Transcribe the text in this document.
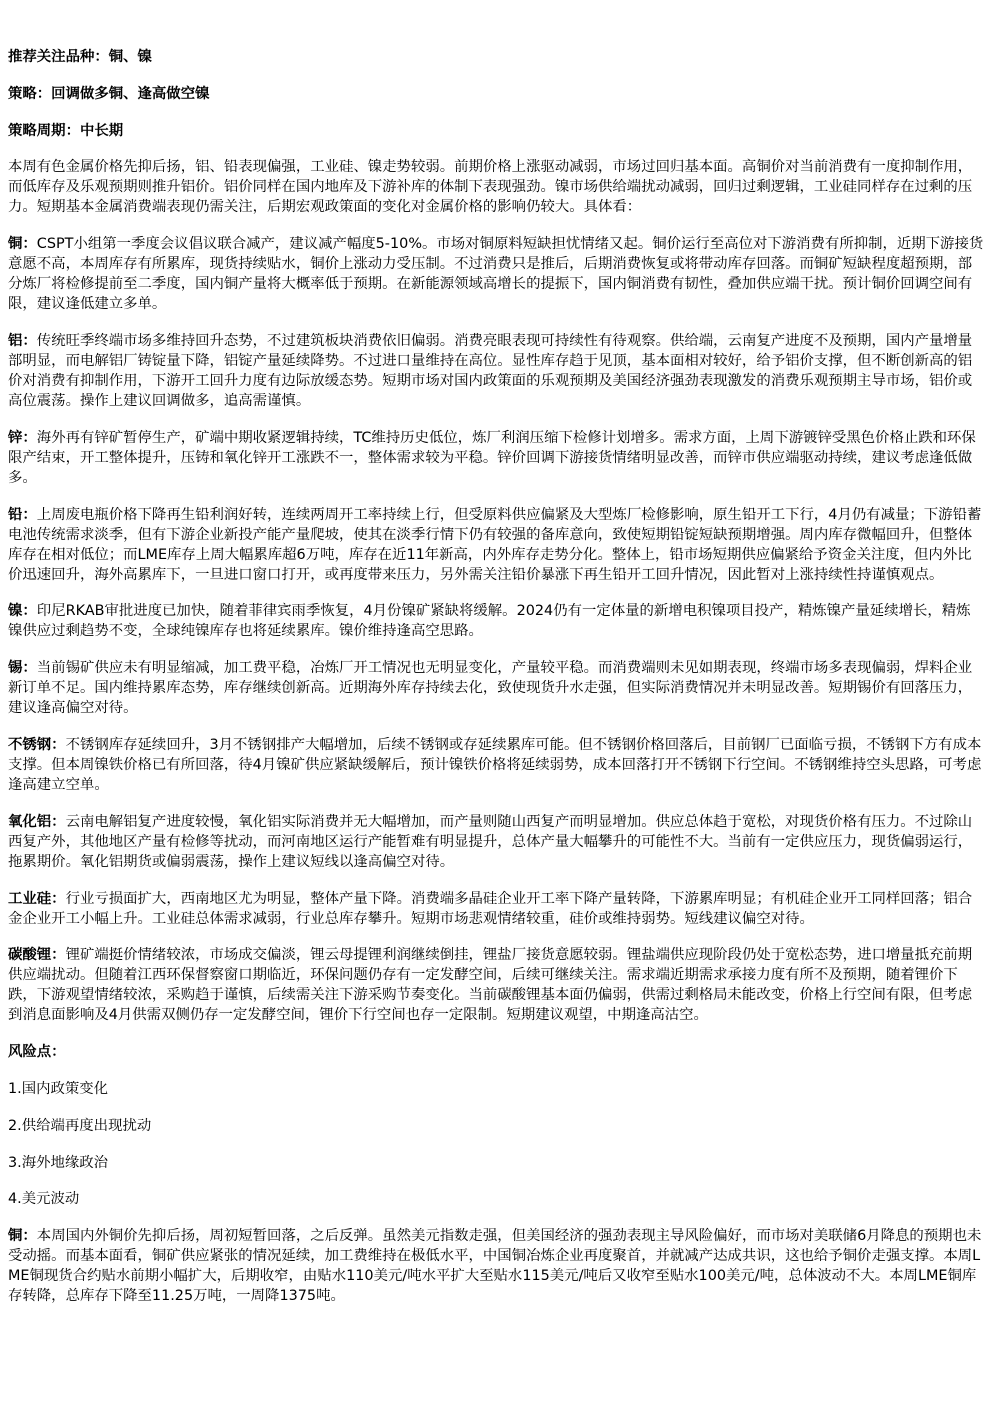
推荐关注品种：铜、镍

策略：回调做多铜、逢高做空镍

策略周期：中长期

本周有色金属价格先抑后扬，铝、铅表现偏强，工业硅、镍走势较弱。前期价格上涨驱动减弱，市场过回归基本面。高铜价对当前消费有一度抑制作用，而低库存及乐观预期则推升铝价。铝价同样在国内地库及下游补库的体制下表现强劲。镍市场供给端扰动减弱，回归过剩逻辑，工业硅同样存在过剩的压力。短期基本金属消费端表现仍需关注，后期宏观政策面的变化对金属价格的影响仍较大。具体看：

铜：CSPT小组第一季度会议倡议联合减产，建议减产幅度5-10%。市场对铜原料短缺担忧情绪又起。铜价运行至高位对下游消费有所抑制，近期下游接货意愿不高，本周库存有所累库，现货持续贴水，铜价上涨动力受压制。不过消费只是推后，后期消费恢复或将带动库存回落。而铜矿短缺程度超预期，部分炼厂将检修提前至二季度，国内铜产量将大概率低于预期。在新能源领域高增长的提振下，国内铜消费有韧性，叠加供应端干扰。预计铜价回调空间有限，建议逢低建立多单。

铝：传统旺季终端市场多维持回升态势，不过建筑板块消费依旧偏弱。消费亮眼表现可持续性有待观察。供给端，云南复产进度不及预期，国内产量增量部明显，而电解铝厂铸锭量下降，铝锭产量延续降势。不过进口量维持在高位。显性库存趋于见顶，基本面相对较好，给予铝价支撑，但不断创新高的铝价对消费有抑制作用，下游开工回升力度有边际放缓态势。短期市场对国内政策面的乐观预期及美国经济强劲表现激发的消费乐观预期主导市场，铝价或高位震荡。操作上建议回调做多，追高需谨慎。

锌：海外再有锌矿暂停生产，矿端中期收紧逻辑持续，TC维持历史低位，炼厂利润压缩下检修计划增多。需求方面，上周下游镀锌受黑色价格止跌和环保限产结束，开工整体提升，压铸和氧化锌开工涨跌不一，整体需求较为平稳。锌价回调下游接货情绪明显改善，而锌市供应端驱动持续，建议考虑逢低做多。

铅：上周废电瓶价格下降再生铅利润好转，连续两周开工率持续上行，但受原料供应偏紧及大型炼厂检修影响，原生铅开工下行，4月仍有减量；下游铅蓄电池传统需求淡季，但有下游企业新投产能产量爬坡，使其在淡季行情下仍有较强的备库意向，致使短期铅锭短缺预期增强。周内库存微幅回升，但整体库存在相对低位；而LME库存上周大幅累库超6万吨，库存在近11年新高，内外库存走势分化。整体上，铅市场短期供应偏紧给予资金关注度，但内外比价迅速回升，海外高累库下，一旦进口窗口打开，或再度带来压力，另外需关注铅价暴涨下再生铅开工回升情况，因此暂对上涨持续性持谨慎观点。

镍：印尼RKAB审批进度已加快，随着菲律宾雨季恢复，4月份镍矿紧缺将缓解。2024仍有一定体量的新增电积镍项目投产，精炼镍产量延续增长，精炼镍供应过剩趋势不变，全球纯镍库存也将延续累库。镍价维持逢高空思路。

锡：当前锡矿供应未有明显缩减，加工费平稳，冶炼厂开工情况也无明显变化，产量较平稳。而消费端则未见如期表现，终端市场多表现偏弱，焊料企业新订单不足。国内维持累库态势，库存继续创新高。近期海外库存持续去化，致使现货升水走强，但实际消费情况并未明显改善。短期锡价有回落压力，建议逢高偏空对待。

不锈钢：不锈钢库存延续回升，3月不锈钢排产大幅增加，后续不锈钢或存延续累库可能。但不锈钢价格回落后，目前钢厂已面临亏损，不锈钢下方有成本支撑。但本周镍铁价格已有所回落，待4月镍矿供应紧缺缓解后，预计镍铁价格将延续弱势，成本回落打开不锈钢下行空间。不锈钢维持空头思路，可考虑逢高建立空单。

氧化铝：云南电解铝复产进度较慢，氧化铝实际消费并无大幅增加，而产量则随山西复产而明显增加。供应总体趋于宽松，对现货价格有压力。不过除山西复产外，其他地区产量有检修等扰动，而河南地区运行产能暂难有明显提升，总体产量大幅攀升的可能性不大。当前有一定供应压力，现货偏弱运行，拖累期价。氧化铝期货或偏弱震荡，操作上建议短线以逢高偏空对待。

工业硅：行业亏损面扩大，西南地区尤为明显，整体产量下降。消费端多晶硅企业开工率下降产量转降，下游累库明显；有机硅企业开工同样回落；铝合金企业开工小幅上升。工业硅总体需求减弱，行业总库存攀升。短期市场悲观情绪较重，硅价或维持弱势。短线建议偏空对待。

碳酸锂：锂矿端挺价情绪较浓，市场成交偏淡，锂云母提锂利润继续倒挂，锂盐厂接货意愿较弱。锂盐端供应现阶段仍处于宽松态势，进口增量抵充前期供应端扰动。但随着江西环保督察窗口期临近，环保问题仍存有一定发酵空间，后续可继续关注。需求端近期需求承接力度有所不及预期，随着锂价下跌，下游观望情绪较浓，采购趋于谨慎，后续需关注下游采购节奏变化。当前碳酸锂基本面仍偏弱，供需过剩格局未能改变，价格上行空间有限，但考虑到消息面影响及4月供需双侧仍存一定发酵空间，锂价下行空间也存一定限制。短期建议观望，中期逢高沽空。

风险点：

1.国内政策变化

2.供给端再度出现扰动

3.海外地缘政治

4.美元波动

铜：本周国内外铜价先抑后扬，周初短暂回落，之后反弹。虽然美元指数走强，但美国经济的强劲表现主导风险偏好，而市场对美联储6月降息的预期也未受动摇。而基本面看，铜矿供应紧张的情况延续，加工费维持在极低水平，中国铜冶炼企业再度聚首，并就减产达成共识，这也给予铜价走强支撑。本周LME铜现货合约贴水前期小幅扩大，后期收窄，由贴水110美元/吨水平扩大至贴水115美元/吨后又收窄至贴水100美元/吨，总体波动不大。本周LME铜库存转降，总库存下降至11.25万吨，一周降1375吨。
